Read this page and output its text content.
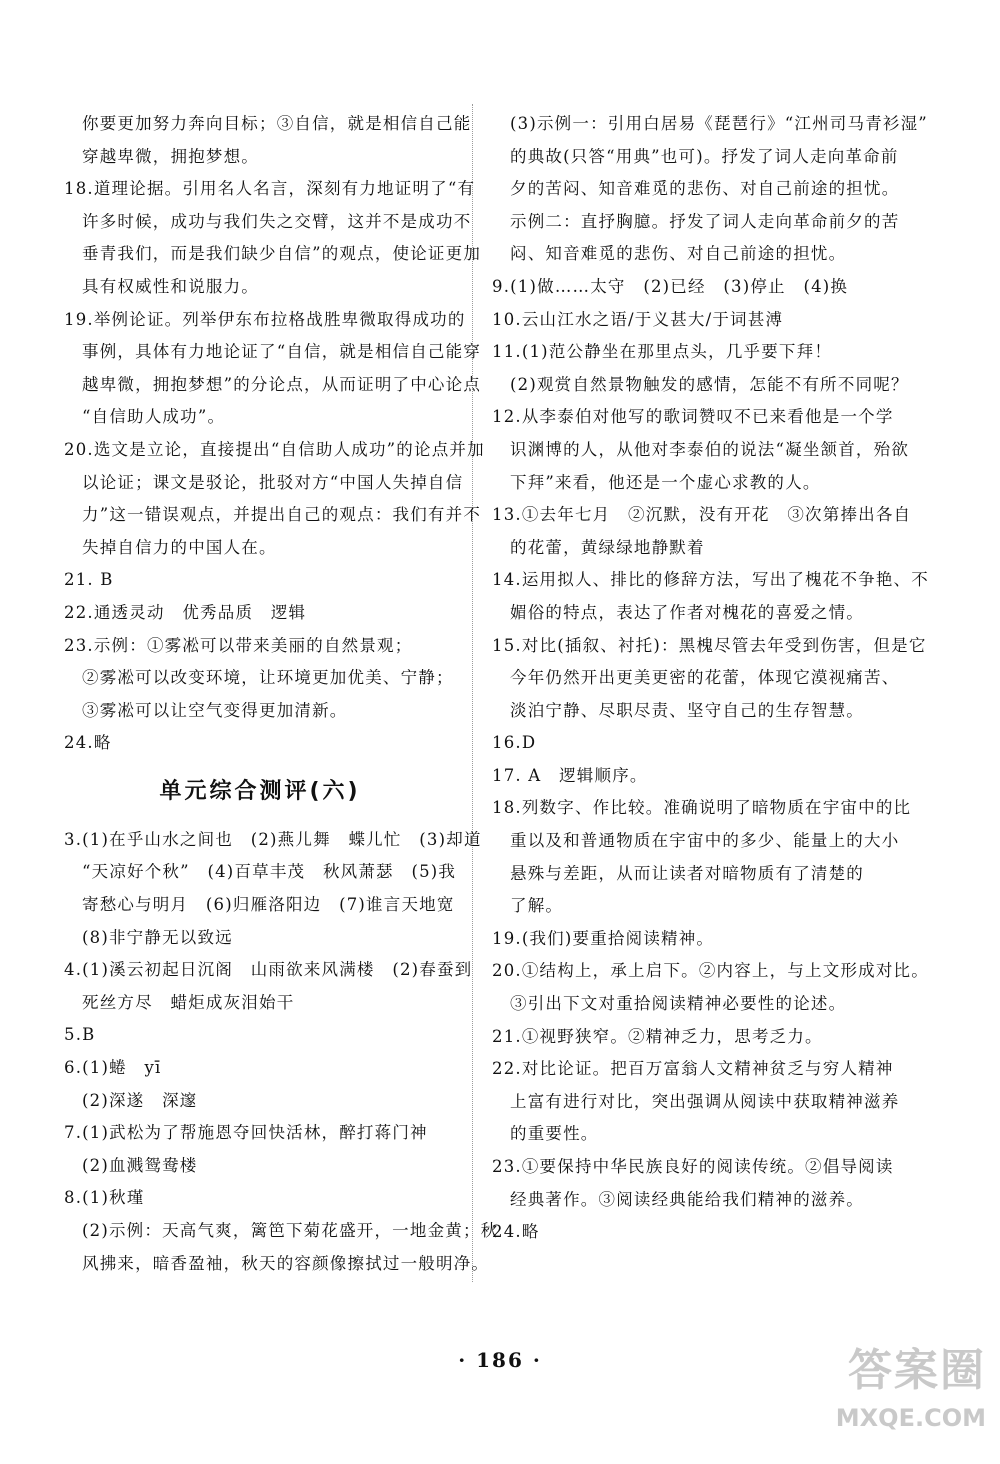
你要更加努力奔向目标；③自信，就是相信自己能
穿越卑微，拥抱梦想。
18.道理论据。引用名人名言，深刻有力地证明了“有
许多时候，成功与我们失之交臂，这并不是成功不
垂青我们，而是我们缺少自信”的观点，使论证更加
具有权威性和说服力。
19.举例论证。列举伊东布拉格战胜卑微取得成功的
事例，具体有力地论证了“自信，就是相信自己能穿
越卑微，拥抱梦想”的分论点，从而证明了中心论点
“自信助人成功”。
20.选文是立论，直接提出“自信助人成功”的论点并加
以论证；课文是驳论，批驳对方“中国人失掉自信
力”这一错误观点，并提出自己的观点：我们有并不
失掉自信力的中国人在。
21. B
22.通透灵动　优秀品质　逻辑
23.示例：①雾凇可以带来美丽的自然景观；
②雾凇可以改变环境，让环境更加优美、宁静；
③雾凇可以让空气变得更加清新。
24.略
单元综合测评(六)
3.(1)在乎山水之间也　(2)燕儿舞　蝶儿忙　(3)却道
“天凉好个秋”　(4)百草丰茂　秋风萧瑟　(5)我
寄愁心与明月　(6)归雁洛阳边　(7)谁言天地宽
(8)非宁静无以致远
4.(1)溪云初起日沉阁　山雨欲来风满楼　(2)春蚕到
死丝方尽　蜡炬成灰泪始干
5.B
6.(1)蜷　yī
(2)深遂　深邃
7.(1)武松为了帮施恩夺回快活林，醉打蒋门神
(2)血溅鸳鸯楼
8.(1)秋瑾
(2)示例：天高气爽，篱笆下菊花盛开，一地金黄；秋
风拂来，暗香盈袖，秋天的容颜像擦拭过一般明净。
(3)示例一：引用白居易《琵琶行》“江州司马青衫湿”
的典故(只答“用典”也可)。抒发了词人走向革命前
夕的苦闷、知音难觅的悲伤、对自己前途的担忧。
示例二：直抒胸臆。抒发了词人走向革命前夕的苦
闷、知音难觅的悲伤、对自己前途的担忧。
9.(1)做……太守　(2)已经　(3)停止　(4)换
10.云山江水之语/于义甚大/于词甚溥
11.(1)范公静坐在那里点头，几乎要下拜！
(2)观赏自然景物触发的感情，怎能不有所不同呢？
12.从李泰伯对他写的歌词赞叹不已来看他是一个学
识渊博的人，从他对李泰伯的说法“凝坐颔首，殆欲
下拜”来看，他还是一个虚心求教的人。
13.①去年七月　②沉默，没有开花　③次第捧出各自
的花蕾，黄绿绿地静默着
14.运用拟人、排比的修辞方法，写出了槐花不争艳、不
媚俗的特点，表达了作者对槐花的喜爱之情。
15.对比(插叙、衬托)：黑槐尽管去年受到伤害，但是它
今年仍然开出更美更密的花蕾，体现它漠视痛苦、
淡泊宁静、尽职尽责、坚守自己的生存智慧。
16.D
17. A　逻辑顺序。
18.列数字、作比较。准确说明了暗物质在宇宙中的比
重以及和普通物质在宇宙中的多少、能量上的大小
悬殊与差距，从而让读者对暗物质有了清楚的
了解。
19.(我们)要重拾阅读精神。
20.①结构上，承上启下。②内容上，与上文形成对比。
③引出下文对重拾阅读精神必要性的论述。
21.①视野狭窄。②精神乏力，思考乏力。
22.对比论证。把百万富翁人文精神贫乏与穷人精神
上富有进行对比，突出强调从阅读中获取精神滋养
的重要性。
23.①要保持中华民族良好的阅读传统。②倡导阅读
经典著作。③阅读经典能给我们精神的滋养。
24.略
· 186 ·	答案圈
MXQE.COM
